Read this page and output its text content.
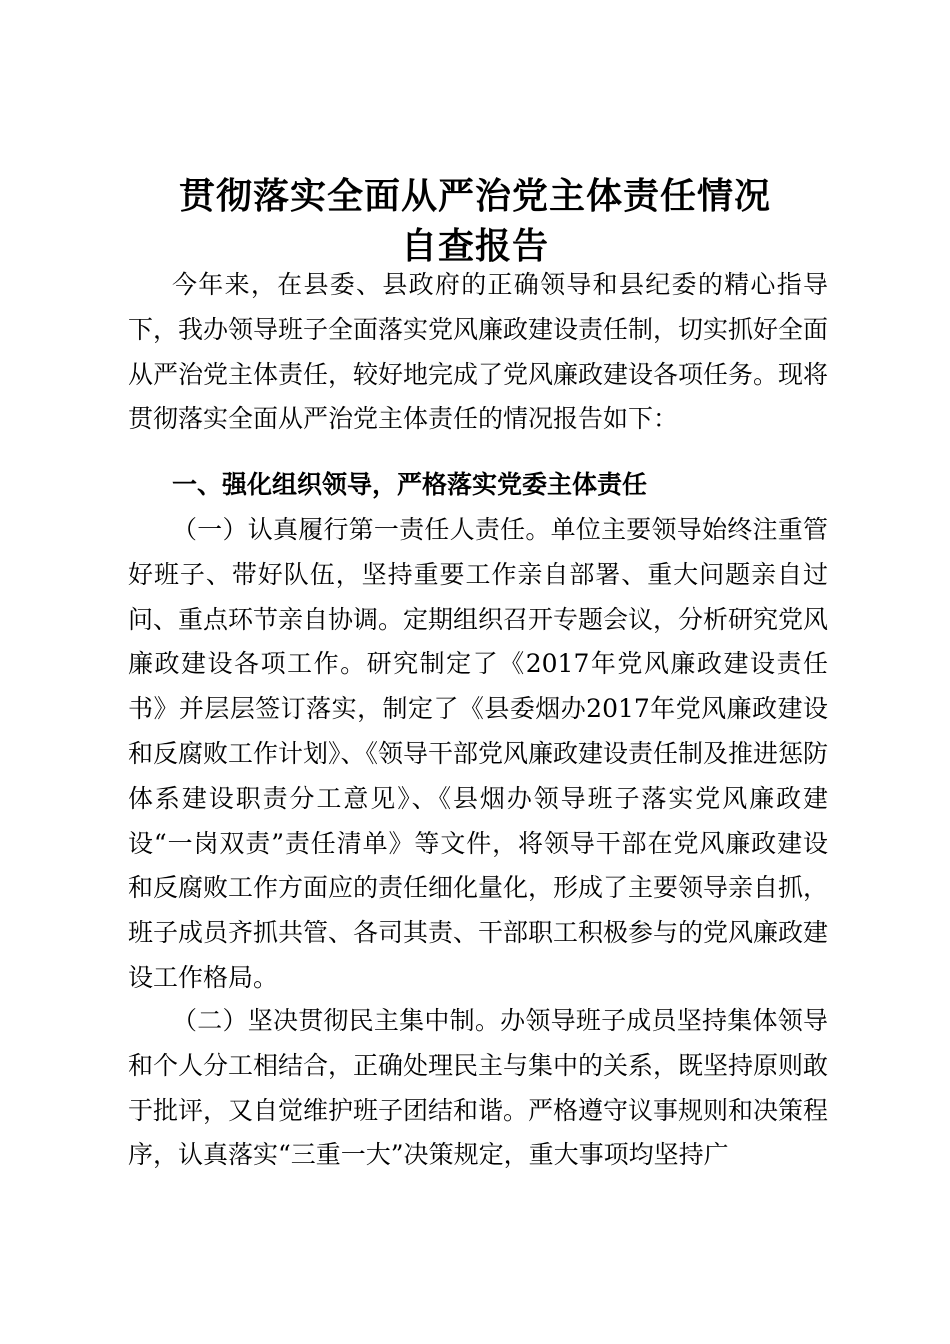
贯彻落实全面从严治党主体责任情况
自查报告

今年来，在县委、县政府的正确领导和县纪委的精心指导下，我办领导班子全面落实党风廉政建设责任制，切实抓好全面从严治党主体责任，较好地完成了党风廉政建设各项任务。现将贯彻落实全面从严治党主体责任的情况报告如下：

一、强化组织领导，严格落实党委主体责任

（一）认真履行第一责任人责任。单位主要领导始终注重管好班子、带好队伍，坚持重要工作亲自部署、重大问题亲自过问、重点环节亲自协调。定期组织召开专题会议，分析研究党风廉政建设各项工作。研究制定了《2017年党风廉政建设责任书》并层层签订落实，制定了《县委烟办2017年党风廉政建设和反腐败工作计划》、《领导干部党风廉政建设责任制及推进惩防体系建设职责分工意见》、《县烟办领导班子落实党风廉政建设“一岗双责”责任清单》等文件，将领导干部在党风廉政建设和反腐败工作方面应的责任细化量化，形成了主要领导亲自抓，班子成员齐抓共管、各司其责、干部职工积极参与的党风廉政建设工作格局。

（二）坚决贯彻民主集中制。办领导班子成员坚持集体领导和个人分工相结合，正确处理民主与集中的关系，既坚持原则敢于批评，又自觉维护班子团结和谐。严格遵守议事规则和决策程序，认真落实“三重一大”决策规定，重大事项均坚持广
